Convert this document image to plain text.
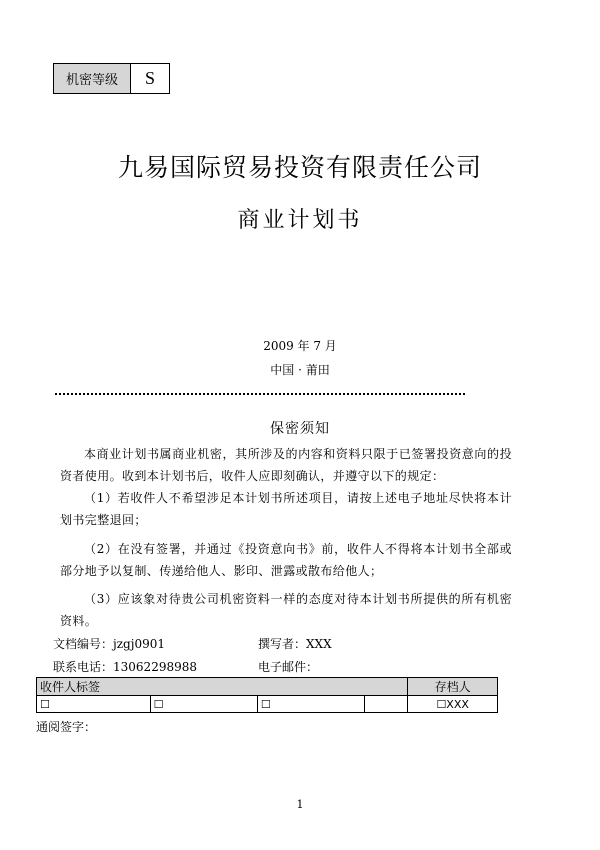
机密等级	S
九易国际贸易投资有限责任公司
商业计划书
2009 年 7 月
中国 · 莆田
保密须知
本商业计划书属商业机密，其所涉及的内容和资料只限于已签署投资意向的投资者使用。收到本计划书后，收件人应即刻确认，并遵守以下的规定：
（1）若收件人不希望涉足本计划书所述项目，请按上述电子地址尽快将本计划书完整退回；
（2）在没有签署，并通过《投资意向书》前，收件人不得将本计划书全部或部分地予以复制、传递给他人、影印、泄露或散布给他人；
（3）应该象对待贵公司机密资料一样的态度对待本计划书所提供的所有机密资料。
文档编号：jzgj0901	撰写者：XXX
联系电话：13062298988	电子邮件：
收件人标签				存档人
☐	☐	☐		☐XXX
通阅签字：
1
